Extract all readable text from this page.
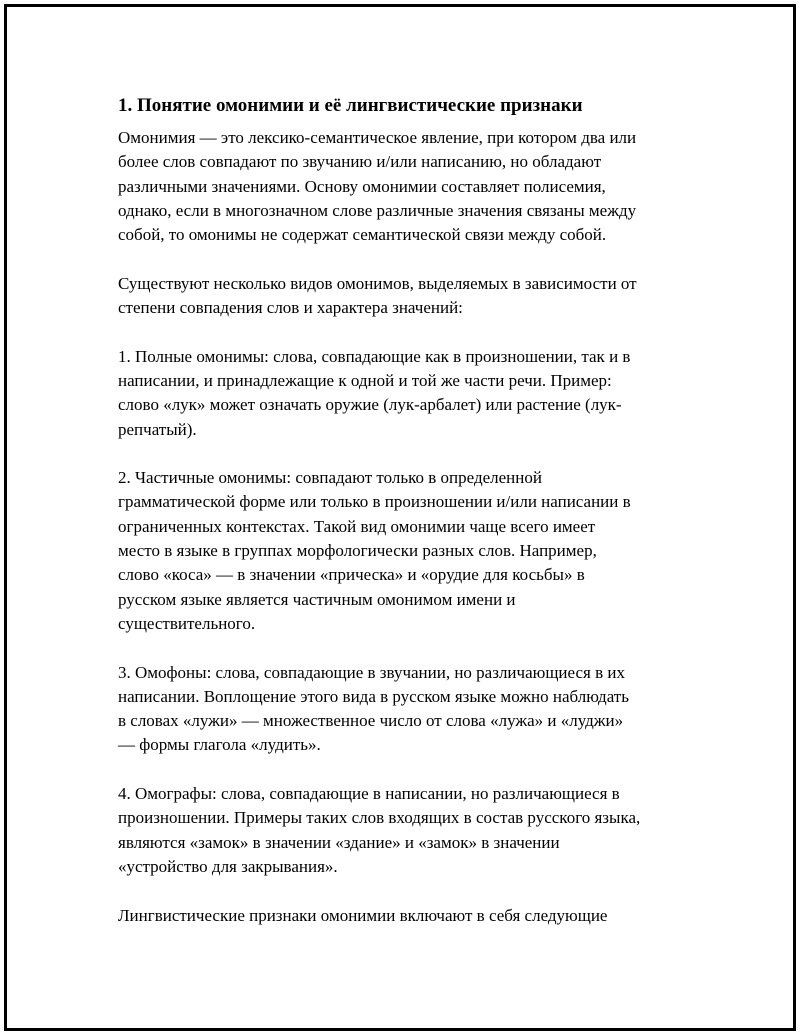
1. Понятие омонимии и её лингвистические признаки

Омонимия — это лексико-семантическое явление, при котором два или
более слов совпадают по звучанию и/или написанию, но обладают
различными значениями. Основу омонимии составляет полисемия,
однако, если в многозначном слове различные значения связаны между
собой, то омонимы не содержат семантической связи между собой.

Существуют несколько видов омонимов, выделяемых в зависимости от
степени совпадения слов и характера значений:

1. Полные омонимы: слова, совпадающие как в произношении, так и в
написании, и принадлежащие к одной и той же части речи. Пример:
слово «лук» может означать оружие (лук-арбалет) или растение (лук-
репчатый).

2. Частичные омонимы: совпадают только в определенной
грамматической форме или только в произношении и/или написании в
ограниченных контекстах. Такой вид омонимии чаще всего имеет
место в языке в группах морфологически разных слов. Например,
слово «коса» — в значении «прическа» и «орудие для косьбы» в
русском языке является частичным омонимом имени и
существительного.

3. Омофоны: слова, совпадающие в звучании, но различающиеся в их
написании. Воплощение этого вида в русском языке можно наблюдать
в словах «лужи» — множественное число от слова «лужа» и «луджи»
— формы глагола «лудить».

4. Омографы: слова, совпадающие в написании, но различающиеся в
произношении. Примеры таких слов входящих в состав русского языка,
являются «замок» в значении «здание» и «замок» в значении
«устройство для закрывания».

Лингвистические признаки омонимии включают в себя следующие
